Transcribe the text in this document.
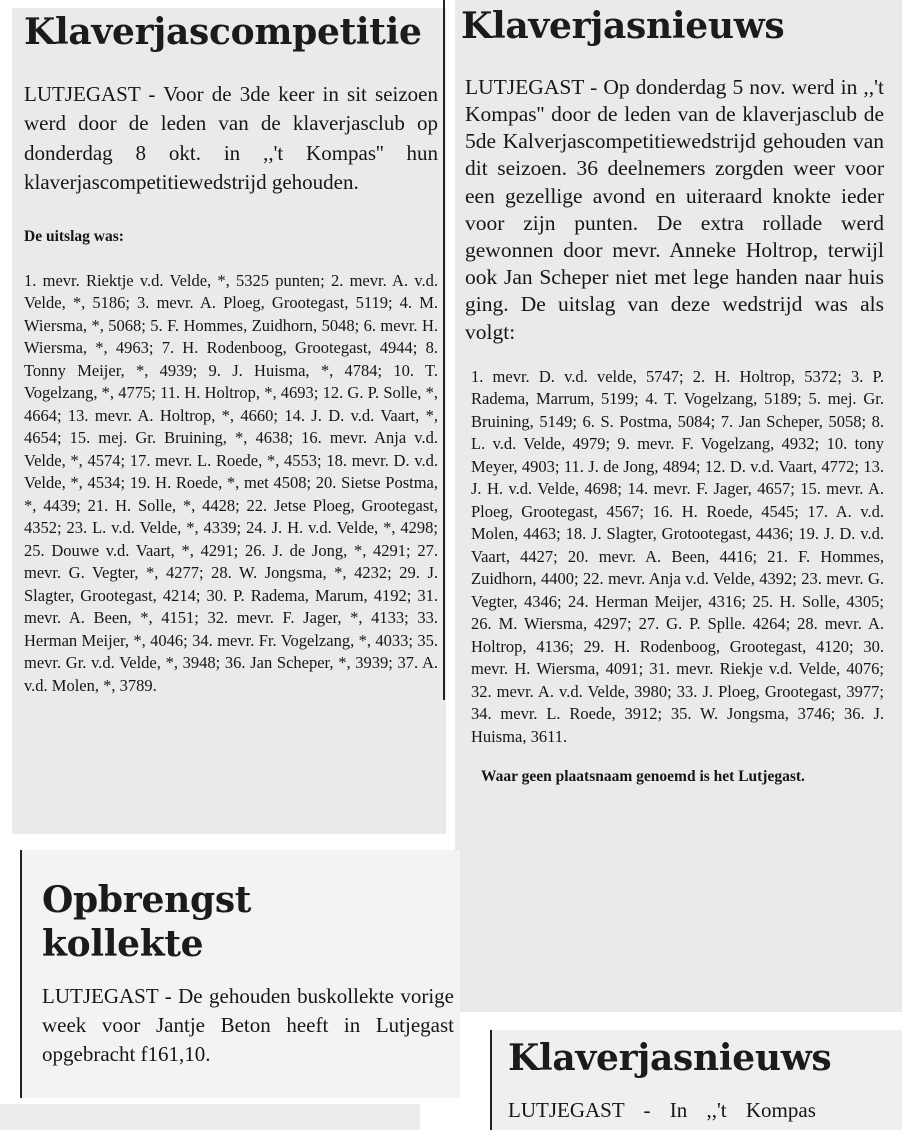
Klaverjascompetitie

LUTJEGAST - Voor de 3de keer in sit seizoen werd door de leden van de klaverjasclub op donderdag 8 okt. in ,,'t Kompas'' hun klaverjascompetitiewedstrijd gehouden.

De uitslag was:

1. mevr. Riektje v.d. Velde, *, 5325 punten; 2. mevr. A. v.d. Velde, *, 5186; 3. mevr. A. Ploeg, Grootegast, 5119; 4. M. Wiersma, *, 5068; 5. F. Hommes, Zuidhorn, 5048; 6. mevr. H. Wiersma, *, 4963; 7. H. Rodenboog, Grootegast, 4944; 8. Tonny Meijer, *, 4939; 9. J. Huisma, *, 4784; 10. T. Vogelzang, *, 4775; 11. H. Holtrop, *, 4693; 12. G. P. Solle, *, 4664; 13. mevr. A. Holtrop, *, 4660; 14. J. D. v.d. Vaart, *, 4654; 15. mej. Gr. Bruining, *, 4638; 16. mevr. Anja v.d. Velde, *, 4574; 17. mevr. L. Roede, *, 4553; 18. mevr. D. v.d. Velde, *, 4534; 19. H. Roede, *, met 4508; 20. Sietse Postma, *, 4439; 21. H. Solle, *, 4428; 22. Jetse Ploeg, Grootegast, 4352; 23. L. v.d. Velde, *, 4339; 24. J. H. v.d. Velde, *, 4298; 25. Douwe v.d. Vaart, *, 4291; 26. J. de Jong, *, 4291; 27. mevr. G. Vegter, *, 4277; 28. W. Jongsma, *, 4232; 29. J. Slagter, Grootegast, 4214; 30. P. Radema, Marum, 4192; 31. mevr. A. Been, *, 4151; 32. mevr. F. Jager, *, 4133; 33. Herman Meijer, *, 4046; 34. mevr. Fr. Vogelzang, *, 4033; 35. mevr. Gr. v.d. Velde, *, 3948; 36. Jan Scheper, *, 3939; 37. A. v.d. Molen, *, 3789.

Klaverjasnieuws

LUTJEGAST - Op donderdag 5 nov. werd in ,,'t Kompas'' door de leden van de klaverjasclub de 5de Kalverjascompetitiewedstrijd gehouden van dit seizoen. 36 deelnemers zorgden weer voor een gezellige avond en uiteraard knokte ieder voor zijn punten. De extra rollade werd gewonnen door mevr. Anneke Holtrop, terwijl ook Jan Scheper niet met lege handen naar huis ging. De uitslag van deze wedstrijd was als volgt:

1. mevr. D. v.d. velde, 5747; 2. H. Holtrop, 5372; 3. P. Radema, Marrum, 5199; 4. T. Vogelzang, 5189; 5. mej. Gr. Bruining, 5149; 6. S. Postma, 5084; 7. Jan Scheper, 5058; 8. L. v.d. Velde, 4979; 9. mevr. F. Vogelzang, 4932; 10. tony Meyer, 4903; 11. J. de Jong, 4894; 12. D. v.d. Vaart, 4772; 13. J. H. v.d. Velde, 4698; 14. mevr. F. Jager, 4657; 15. mevr. A. Ploeg, Grootegast, 4567; 16. H. Roede, 4545; 17. A. v.d. Molen, 4463; 18. J. Slagter, Grotootegast, 4436; 19. J. D. v.d. Vaart, 4427; 20. mevr. A. Been, 4416; 21. F. Hommes, Zuidhorn, 4400; 22. mevr. Anja v.d. Velde, 4392; 23. mevr. G. Vegter, 4346; 24. Herman Meijer, 4316; 25. H. Solle, 4305; 26. M. Wiersma, 4297; 27. G. P. Splle. 4264; 28. mevr. A. Holtrop, 4136; 29. H. Rodenboog, Grootegast, 4120; 30. mevr. H. Wiersma, 4091; 31. mevr. Riekje v.d. Velde, 4076; 32. mevr. A. v.d. Velde, 3980; 33. J. Ploeg, Grootegast, 3977; 34. mevr. L. Roede, 3912; 35. W. Jongsma, 3746; 36. J. Huisma, 3611.

Waar geen plaatsnaam genoemd is het Lutjegast.

Opbrengst
kollekte

LUTJEGAST - De gehouden buskollekte vorige week voor Jantje Beton heeft in Lutjegast opgebracht f161,10.	Klaverjasnieuws

LUTJEGAST - In ,,'t Kompas
